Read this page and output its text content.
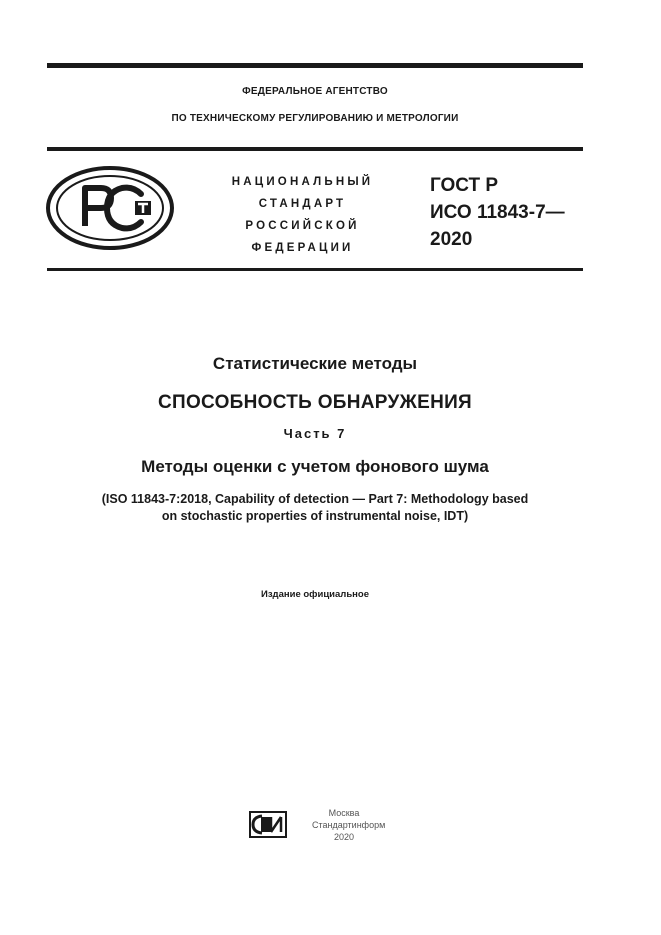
ФЕДЕРАЛЬНОЕ АГЕНТСТВО
ПО ТЕХНИЧЕСКОМУ РЕГУЛИРОВАНИЮ И МЕТРОЛОГИИ
НАЦИОНАЛЬНЫЙ
СТАНДАРТ
РОССИЙСКОЙ
ФЕДЕРАЦИИ
ГОСТ Р
ИСО 11843-7—
2020
Статистические методы
СПОСОБНОСТЬ ОБНАРУЖЕНИЯ
Часть 7
Методы оценки с учетом фонового шума
(ISO 11843-7:2018, Capability of detection — Part 7: Methodology based
on stochastic properties of instrumental noise, IDT)
Издание официальное
Москва
Стандартинформ
2020
